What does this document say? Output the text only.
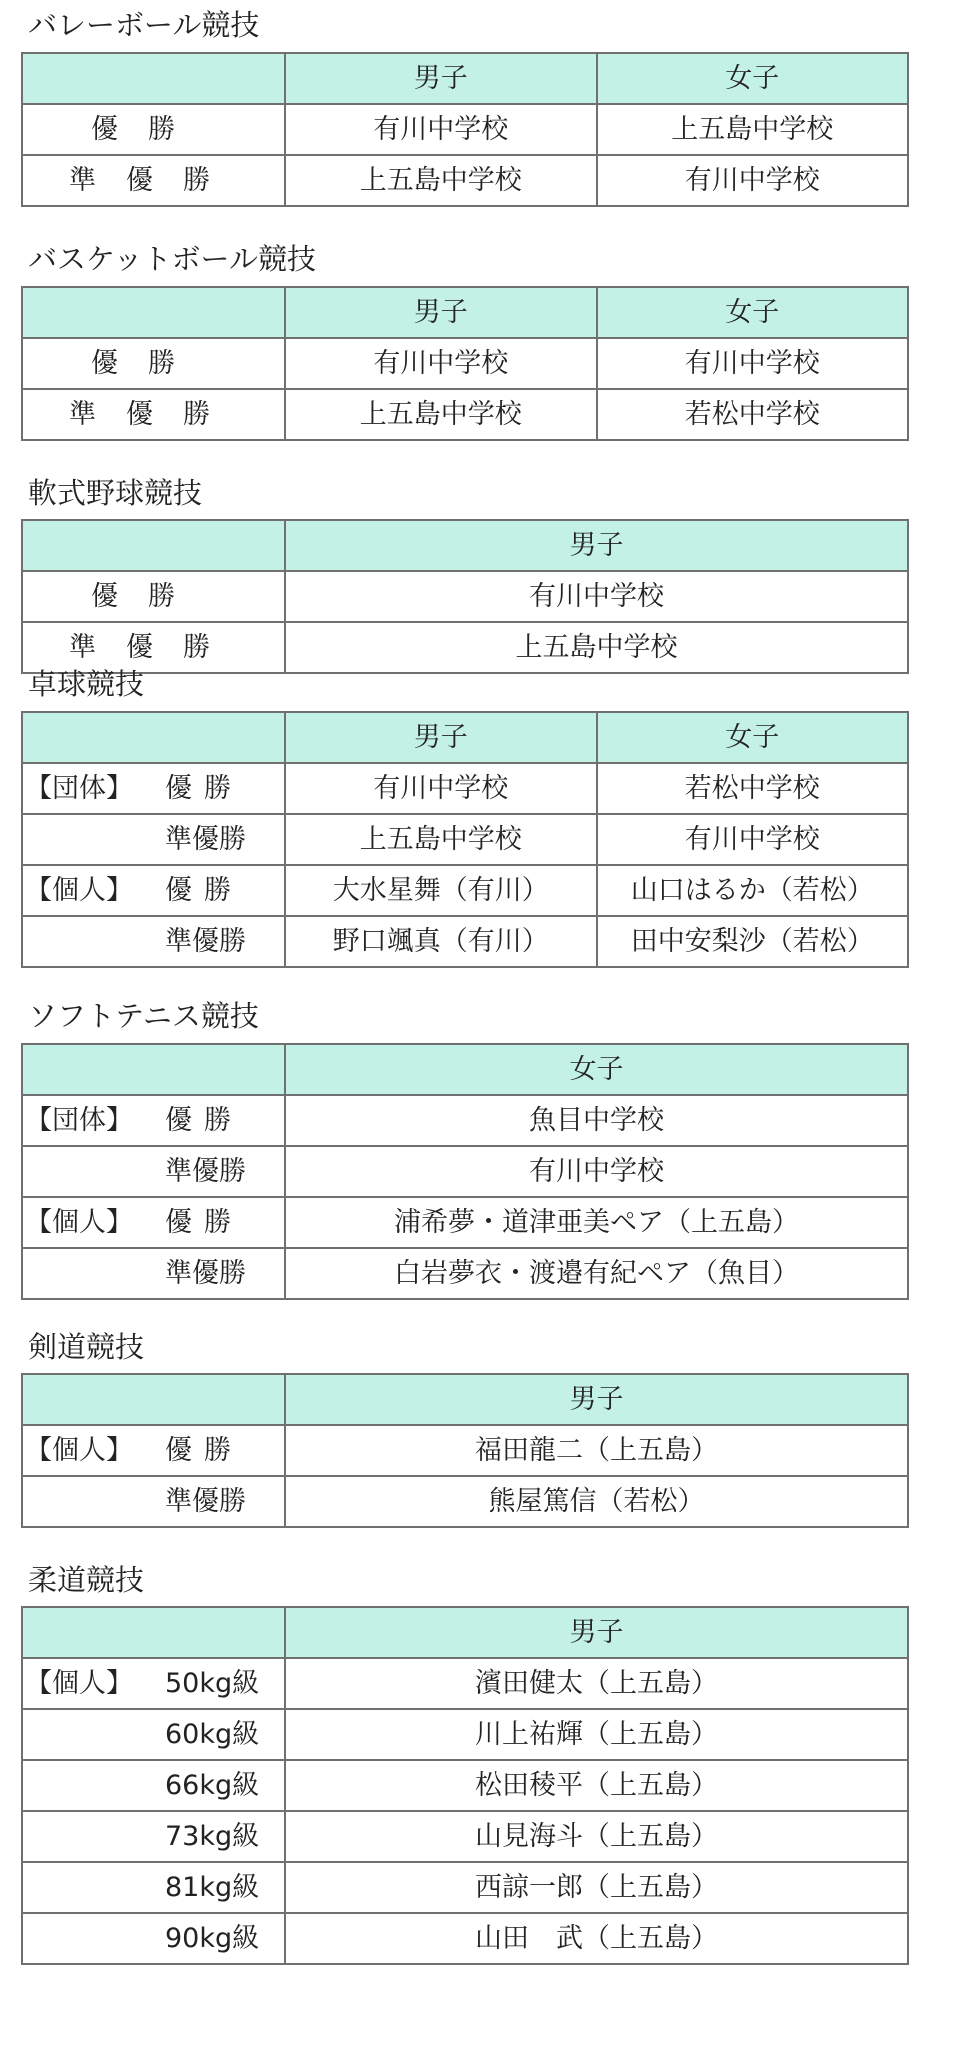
バレーボール競技
	男子	女子
優勝	有川中学校	上五島中学校
準優勝	上五島中学校	有川中学校
バスケットボール競技
	男子	女子
優勝	有川中学校	有川中学校
準優勝	上五島中学校	若松中学校
軟式野球競技
	男子
優勝	有川中学校
準優勝	上五島中学校
卓球競技
	男子	女子
【団体】 優勝	有川中学校	若松中学校
準優勝	上五島中学校	有川中学校
【個人】 優勝	大水星舞（有川）	山口はるか（若松）
準優勝	野口颯真（有川）	田中安梨沙（若松）
ソフトテニス競技
	女子
【団体】 優勝	魚目中学校
準優勝	有川中学校
【個人】 優勝	浦希夢・道津亜美ペア（上五島）
準優勝	白岩夢衣・渡邉有紀ペア（魚目）
剣道競技
	男子
【個人】 優勝	福田龍二（上五島）
準優勝	熊屋篤信（若松）
柔道競技
	男子
【個人】 50kg級	濱田健太（上五島）
60kg級	川上祐輝（上五島）
66kg級	松田稜平（上五島）
73kg級	山見海斗（上五島）
81kg級	西諒一郎（上五島）
90kg級	山田　武（上五島）
